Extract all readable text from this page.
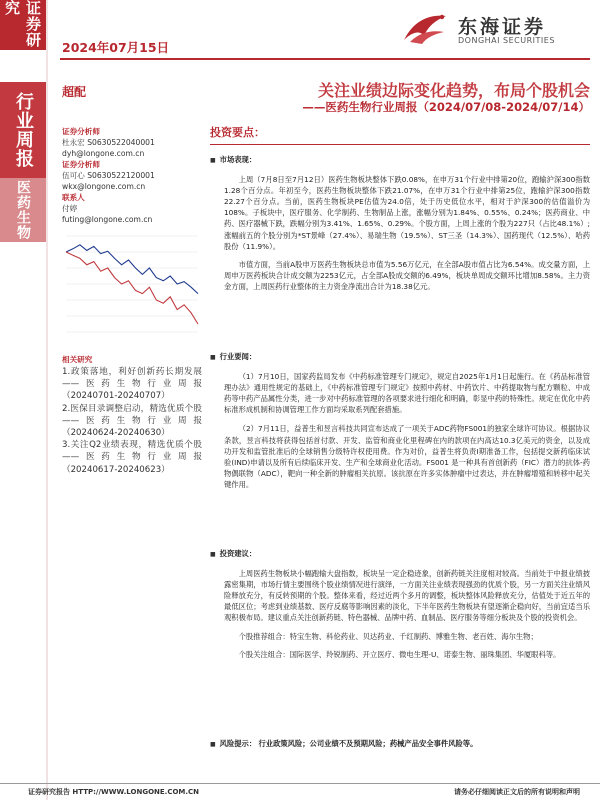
证券研究
行业周报
医药生物
2024年07月15日
东海证券
DONGHAI SECURITIES
超配	关注业绩边际变化趋势，布局个股机会
——医药生物行业周报（2024/07/08-2024/07/14）
证券分析师
杜永宏 S0630522040001
dyh@longone.com.cn
证券分析师
伍可心 S0630522120001
wkx@longone.com.cn
联系人
付婷
futing@longone.com.cn
相关研究
1.政策落地，利好创新药长期发展——医药生物行业周报（20240701-20240707）
2.医保目录调整启动，精选优质个股——医药生物行业周报（20240624-20240630）
3.关注Q2业绩表现，精选优质个股——医药生物行业周报（20240617-20240623）
投资要点：
■ 市场表现：
上周（7月8日至7月12日）医药生物板块整体下跌0.08%，在申万31个行业中排第20位，跑输沪深300指数1.28个百分点。年初至今，医药生物板块整体下跌21.07%，在申万31个行业中排第25位，跑输沪深300指数22.27个百分点。当前，医药生物板块PE估值为24.0倍，处于历史低位水平，相对于沪深300的估值溢价为108%。子板块中，医疗服务、化学制药、生物制品上涨，涨幅分别为1.84%、0.55%、0.24%；医药商业、中药、医疗器械下跌，跌幅分别为3.41%、1.65%、0.29%。个股方面，上周上涨的个股为227只（占比48.1%）;涨幅前五的个股分别为*ST景峰（27.4%）、易瑞生物（19.5%）、ST三圣（14.3%）、国药现代（12.5%）、哈药股份（11.9%）。
市值方面，当前A股申万医药生物板块总市值为5.56万亿元，在全部A股市值占比为6.54%。成交量方面，上周申万医药板块合计成交额为2253亿元，占全部A股成交额的6.49%，板块单周成交额环比增加8.58%。主力资金方面，上周医药行业整体的主力资金净流出合计为18.38亿元。
■ 行业要闻：
（1）7月10日，国家药监局发布《中药标准管理专门规定》，规定自2025年1月1日起施行。在《药品标准管理办法》通用性规定的基础上，《中药标准管理专门规定》按照中药材、中药饮片、中药提取物与配方颗粒、中成药等中药产品属性分类，进一步对中药标准管理的各项要求进行细化和明确，彰显中药的特殊性。规定在优化中药标准形成机制和协调管理工作方面均采取系列配套措施。
（2）7月11日，益普生和昱言科技共同宣布达成了一项关于ADC药物FS001的独家全球许可协议。根据协议条款，昱言科技将获得包括首付款、开发、监管和商业化里程碑在内的款项在内高达10.3亿美元的资金，以及成功开发和监管批准后的全球销售分级特许权使用费。作为对价，益普生将负责I期准备工作，包括提交新药临床试验(IND)申请以及所有后续临床开发、生产和全球商业化活动。FS001 是一种具有首创新药（FIC）潜力的抗体-药物偶联物（ADC），靶向一种全新的肿瘤相关抗原。该抗原在许多实体肿瘤中过表达，并在肿瘤增殖和转移中起关键作用。
■ 投资建议：
上周医药生物板块小幅跑输大盘指数，板块呈一定企稳迹象，创新药链关注度相对较高。当前处于中报业绩披露密集期，市场行情主要围绕个股业绩情况进行演绎，一方面关注业绩表现强劲的优质个股，另一方面关注业绩风险释放充分，有反转预期的个股。整体来看，经过近两个多月的调整，板块整体风险释放充分，估值处于近五年的最低区位；考虑到业绩基数、医疗反腐等影响因素的淡化，下半年医药生物板块有望逐渐企稳向好，当前宜适当乐观积极布局。建议重点关注创新药链、特色器械、品牌中药、血制品、医疗服务等细分板块及个股的投资机会。
个股推荐组合：特宝生物、科伦药业、贝达药业、千红制药、博雅生物、老百姓、海尔生物；
个股关注组合：国际医学、羚锐制药、开立医疗、微电生理-U、诺泰生物、丽珠集团、华厦眼科等。
■ 风险提示： 行业政策风险；公司业绩不及预期风险；药械产品安全事件风险等。
证券研究报告 HTTP://WWW.LONGONE.COM.CN	请务必仔细阅读正文后的所有说明和声明
